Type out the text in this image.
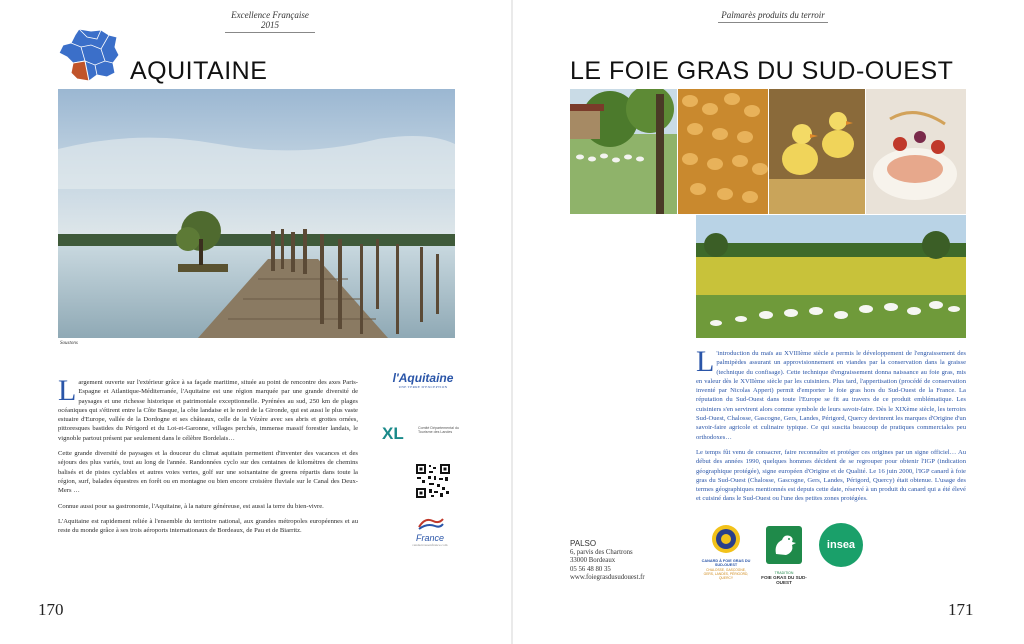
Excellence Française 2015
AQUITAINE
Soustons

Largement ouverte sur l'extérieur grâce à sa façade maritime, située au point de rencontre des axes Paris-Espagne et Atlantique-Méditerranée, l'Aquitaine est une région marquée par une grande diversité de paysages et une richesse historique et patrimoniale exceptionnelle. Pyrénées au sud, 250 km de plages océaniques qui s'étirent entre la Côte Basque, la côte landaise et le nord de la Gironde, qui est aussi le plus vaste estuaire d'Europe, vallée de la Dordogne et ses châteaux, celle de la Vézère avec ses abris et grottes ornées, pittoresques bastides du Périgord et du Lot-et-Garonne, villages perchés, immense massif forestier landais, le vignoble partout présent par seulement dans le célèbre Bordelais…

Cette grande diversité de paysages et la douceur du climat aquitain permettent d'inventer des vacances et des séjours des plus variés, tout au long de l'année. Randonnées cyclo sur des centaines de kilomètres de chemins balisés et de pistes cyclables et autres voies vertes, golf sur une soixantaine de greens répartis dans toute la région, surf, balades équestres en forêt ou en montagne ou bien encore croisière fluviale sur le Canal des Deux-Mers …

Connue aussi pour sa gastronomie, l'Aquitaine, à la nature généreuse, est aussi la terre du bien-vivre.

L'Aquitaine est rapidement reliée à l'ensemble du territoire national, aux grandes métropoles européennes et au reste du monde grâce à ses trois aéroports internationaux de Bordeaux, de Pau et de Biarritz.

l'Aquitaine
UNE TERRE D'EXCEPTION
XL	Comité Départemental du Tourisme des Landes
France
rendezvousenfrance.com
170
Palmarès produits du terroir
LE FOIE GRAS DU SUD-OUEST

L 'introduction du maïs au XVIIIème siècle a permis le développement de l'engraissement des palmipèdes assurant un approvisionnement en viandes par la conservation dans la graisse (technique du confisage). Cette technique d'engraissement donna naissance au foie gras, mis en valeur dès le XVIIème siècle par les cuisiniers. Plus tard, l'appertisation (procédé de conservation inventé par Nicolas Appert) permit d'emporter le foie gras hors du Sud-Ouest de la France. La réputation du Sud-Ouest dans toute l'Europe se fit au travers de ce produit emblématique. Les cuisiniers s'en servirent alors comme symbole de leurs savoir-faire. Dès le XIXème siècle, les terroirs Sud-Ouest, Chalosse, Gascogne, Gers, Landes, Périgord, Quercy devinrent les marques d'Origine d'un savoir-faire agricole et culinaire typique. Ce qui suscita beaucoup de pratiques commerciales peu orthodoxes…

Le temps fût venu de consacrer, faire reconnaître et protéger ces origines par un signe officiel… Au début des années 1990, quelques hommes décident de se regrouper pour obtenir l'IGP (indication géographique protégée), signe européen d'Origine et de Qualité. Le 16 juin 2000, l'IGP canard à foie gras du Sud-Ouest (Chalosse, Gascogne, Gers, Landes, Périgord, Quercy) était obtenue. L'usage des termes géographiques mentionnés est depuis cette date, réservé à un produit du canard qui a été élevé et cuisiné dans le Sud-Ouest ou l'une des petites zones protégées.

PALSO
6, parvis des Chartrons
33000 Bordeaux
05 56 48 80 35
www.foiegrasdusudouest.fr
CANARD À FOIE GRAS DU SUD-OUEST
CHALOSSE, GASCOGNE, GERS, LANDES, PÉRIGORD, QUERCY
TRADITION
FOIE GRAS DU SUD-OUEST
insea
171
